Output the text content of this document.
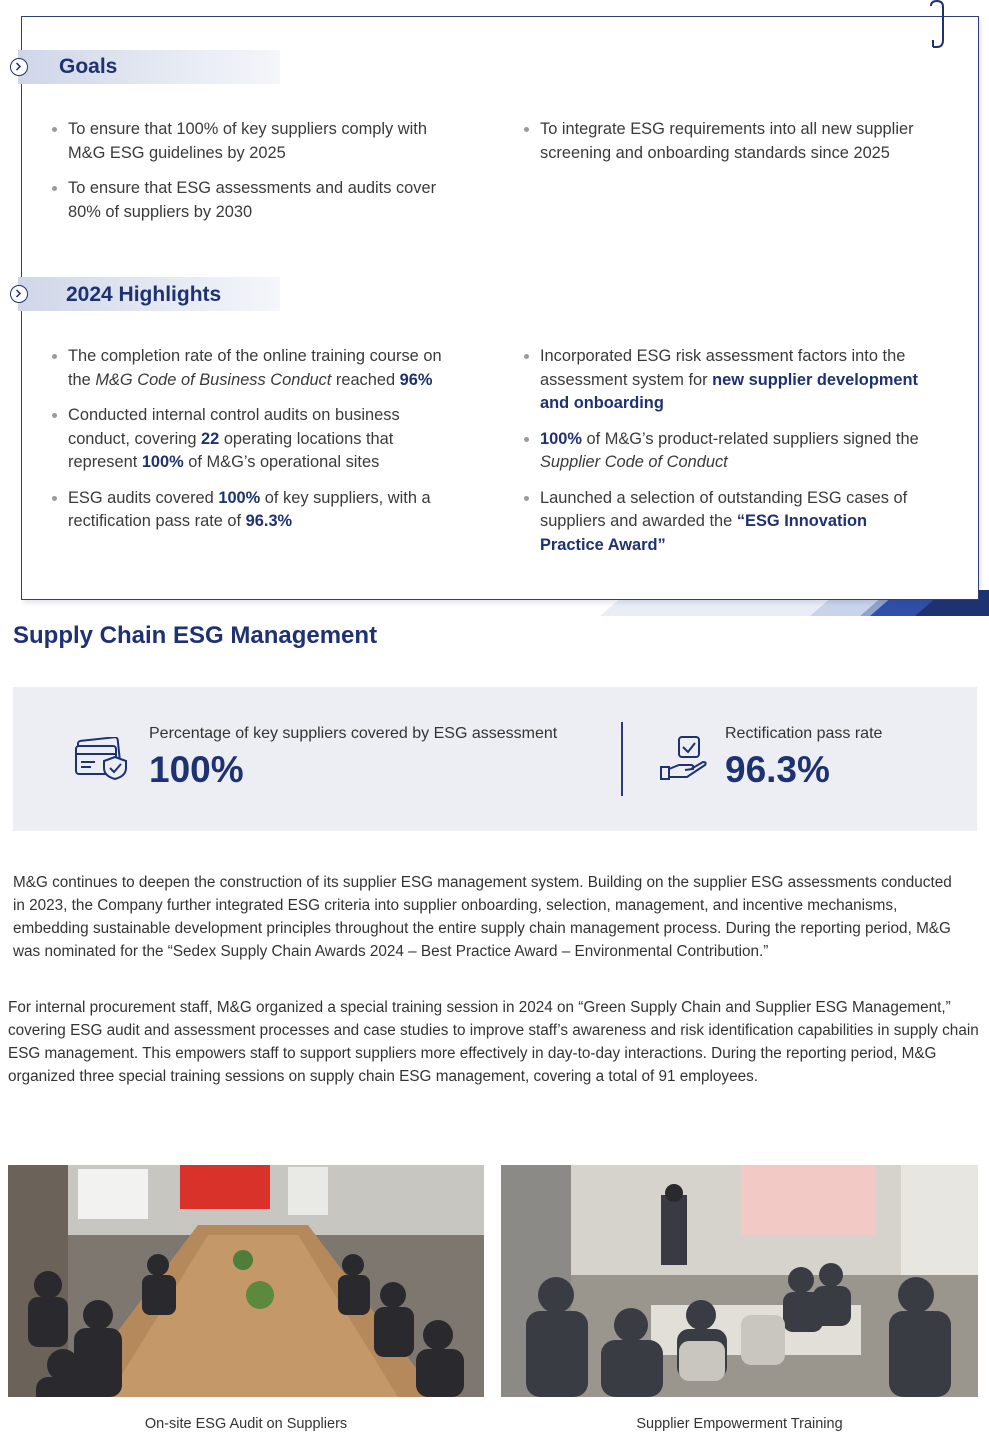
Goals
To ensure that 100% of key suppliers comply with M&G ESG guidelines by 2025
To ensure that ESG assessments and audits cover 80% of suppliers by 2030
To integrate ESG requirements into all new supplier screening and onboarding standards since 2025
2024 Highlights
The completion rate of the online training course on the M&G Code of Business Conduct reached 96%
Conducted internal control audits on business conduct, covering 22 operating locations that represent 100% of M&G’s operational sites
ESG audits covered 100% of key suppliers, with a rectification pass rate of 96.3%
Incorporated ESG risk assessment factors into the assessment system for new supplier development and onboarding
100% of M&G’s product-related suppliers signed the Supplier Code of Conduct
Launched a selection of outstanding ESG cases of suppliers and awarded the “ESG Innovation Practice Award”
Supply Chain ESG Management
Percentage of key suppliers covered by ESG assessment
100%
Rectification pass rate
96.3%
M&G continues to deepen the construction of its supplier ESG management system. Building on the supplier ESG assessments conducted in 2023, the Company further integrated ESG criteria into supplier onboarding, selection, management, and incentive mechanisms, embedding sustainable development principles throughout the entire supply chain management process. During the reporting period, M&G was nominated for the “Sedex Supply Chain Awards 2024 – Best Practice Award – Environmental Contribution.”
For internal procurement staff, M&G organized a special training session in 2024 on “Green Supply Chain and Supplier ESG Management,” covering ESG audit and assessment processes and case studies to improve staff’s awareness and risk identification capabilities in supply chain ESG management. This empowers staff to support suppliers more effectively in day-to-day interactions. During the reporting period, M&G organized three special training sessions on supply chain ESG management, covering a total of 91 employees.
On-site ESG Audit on Suppliers	Supplier Empowerment Training
